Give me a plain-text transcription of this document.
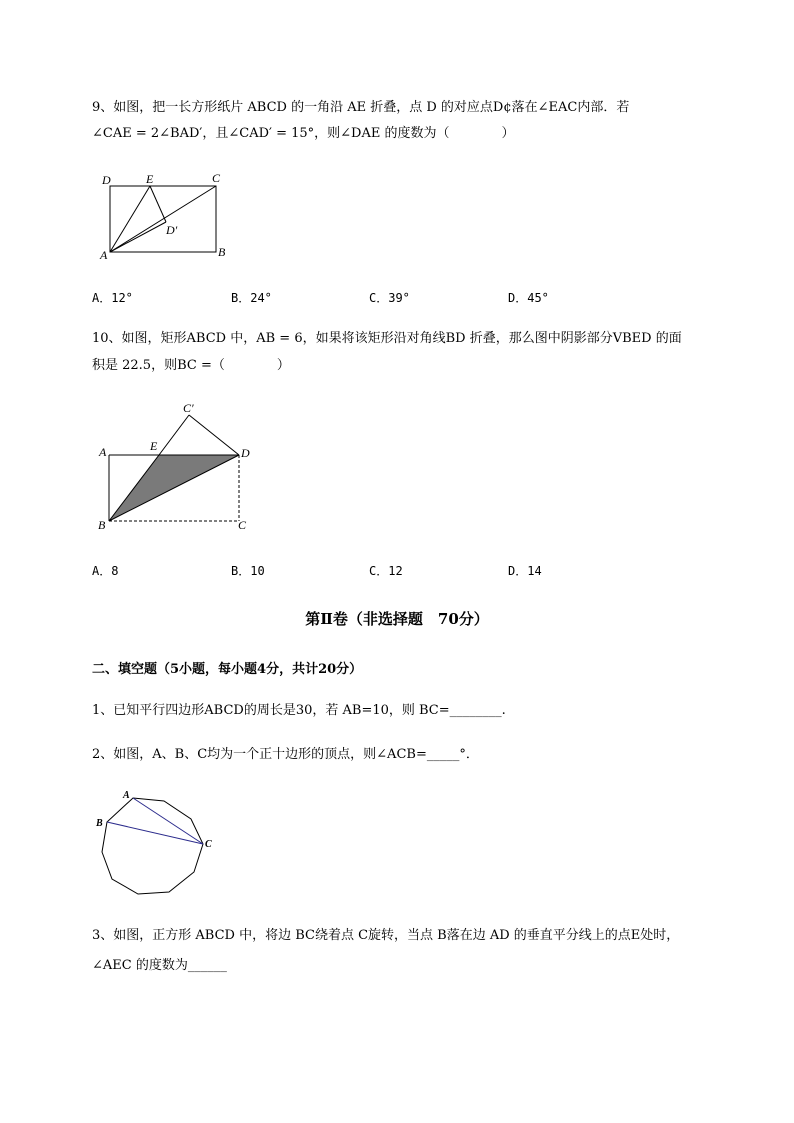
9、如图，把一长方形纸片 ABCD 的一角沿 AE 折叠，点 D 的对应点D¢落在∠EAC内部．若
∠CAE = 2∠BAD′，且∠CAD′ = 15°，则∠DAE 的度数为（　　　　）
D	E	C
D′
A	B
A．12°	B．24°	C．39°	D．45°
10、如图，矩形ABCD 中，AB = 6，如果将该矩形沿对角线BD 折叠，那么图中阴影部分VBED 的面
积是 22.5，则BC =（　　　　）
C′
A	E	D
B	C
A．8	B．10	C．12	D．14
第Ⅱ卷（非选择题　70分）
二、填空题（5小题，每小题4分，共计20分）
1、已知平行四边形ABCD的周长是30，若 AB=10，则 BC=________.
2、如图，A、B、C均为一个正十边形的顶点，则∠ACB=_____°．
A
B
C
3、如图，正方形 ABCD 中，将边 BC绕着点 C旋转，当点 B落在边 AD 的垂直平分线上的点E处时，
∠AEC 的度数为______
